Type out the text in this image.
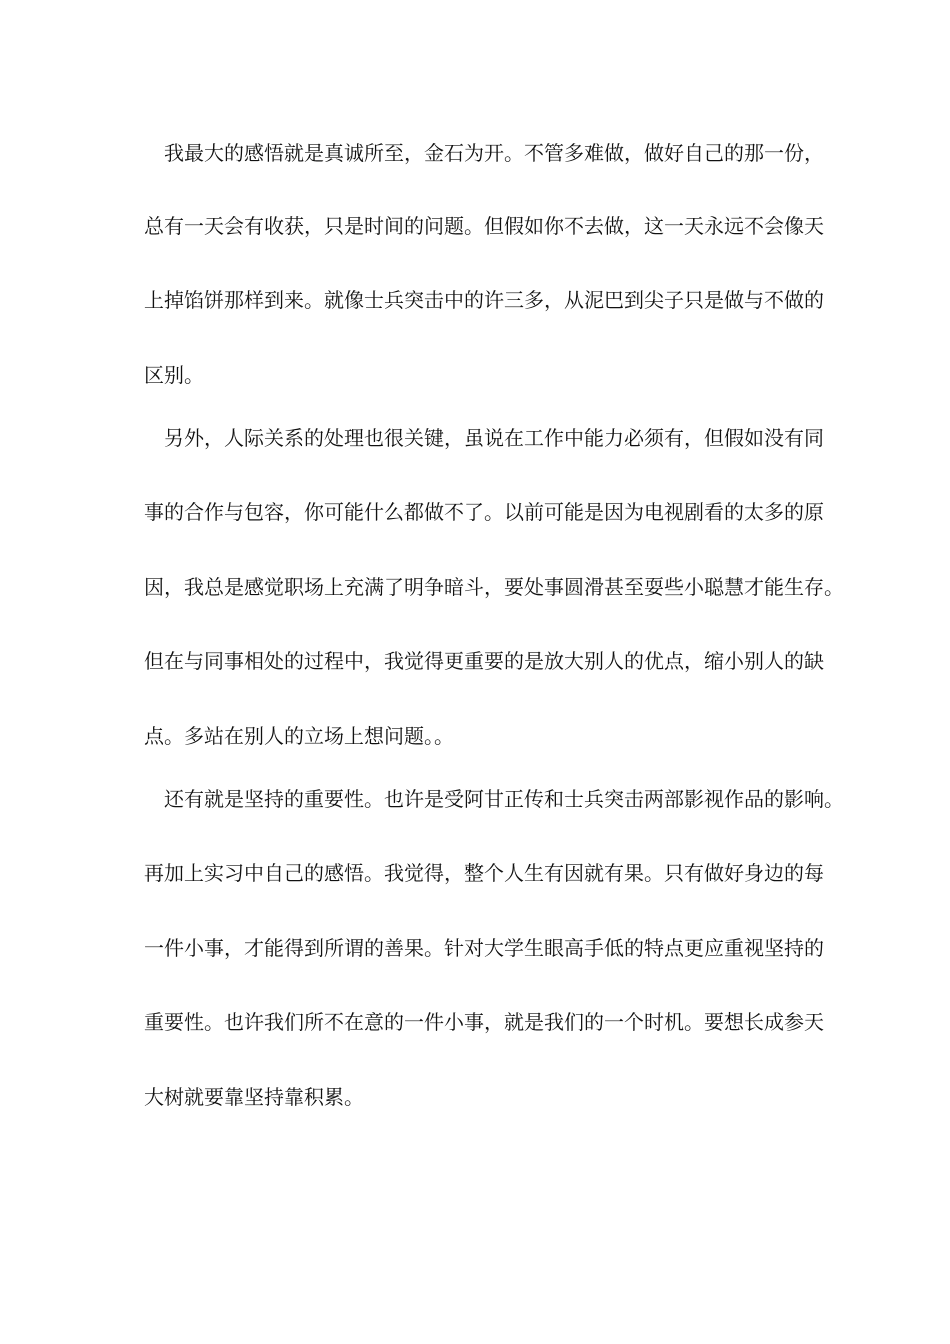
我最大的感悟就是真诚所至，金石为开。不管多难做，做好自己的那一份，
总有一天会有收获，只是时间的问题。但假如你不去做，这一天永远不会像天
上掉馅饼那样到来。就像士兵突击中的许三多，从泥巴到尖子只是做与不做的
区别。
另外，人际关系的处理也很关键，虽说在工作中能力必须有，但假如没有同
事的合作与包容，你可能什么都做不了。以前可能是因为电视剧看的太多的原
因，我总是感觉职场上充满了明争暗斗，要处事圆滑甚至耍些小聪慧才能生存。
但在与同事相处的过程中，我觉得更重要的是放大别人的优点，缩小别人的缺
点。多站在别人的立场上想问题。。
还有就是坚持的重要性。也许是受阿甘正传和士兵突击两部影视作品的影响。
再加上实习中自己的感悟。我觉得，整个人生有因就有果。只有做好身边的每
一件小事，才能得到所谓的善果。针对大学生眼高手低的特点更应重视坚持的
重要性。也许我们所不在意的一件小事，就是我们的一个时机。要想长成参天
大树就要靠坚持靠积累。
